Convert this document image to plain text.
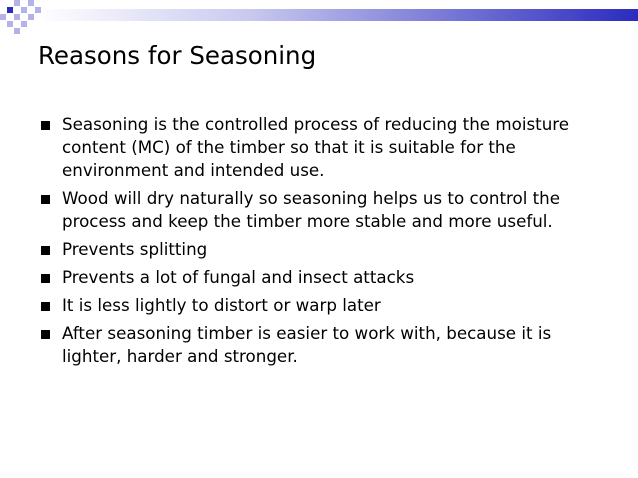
Reasons for Seasoning
Seasoning is the controlled process of reducing the moisture content (MC) of the timber so that it is suitable for the environment and intended use.
Wood will dry naturally so seasoning helps us to control the process and keep the timber more stable and more useful.
Prevents splitting
Prevents a lot of fungal and insect attacks
It is less lightly to distort or warp later
After seasoning timber is easier to work with, because it is lighter, harder and stronger.
